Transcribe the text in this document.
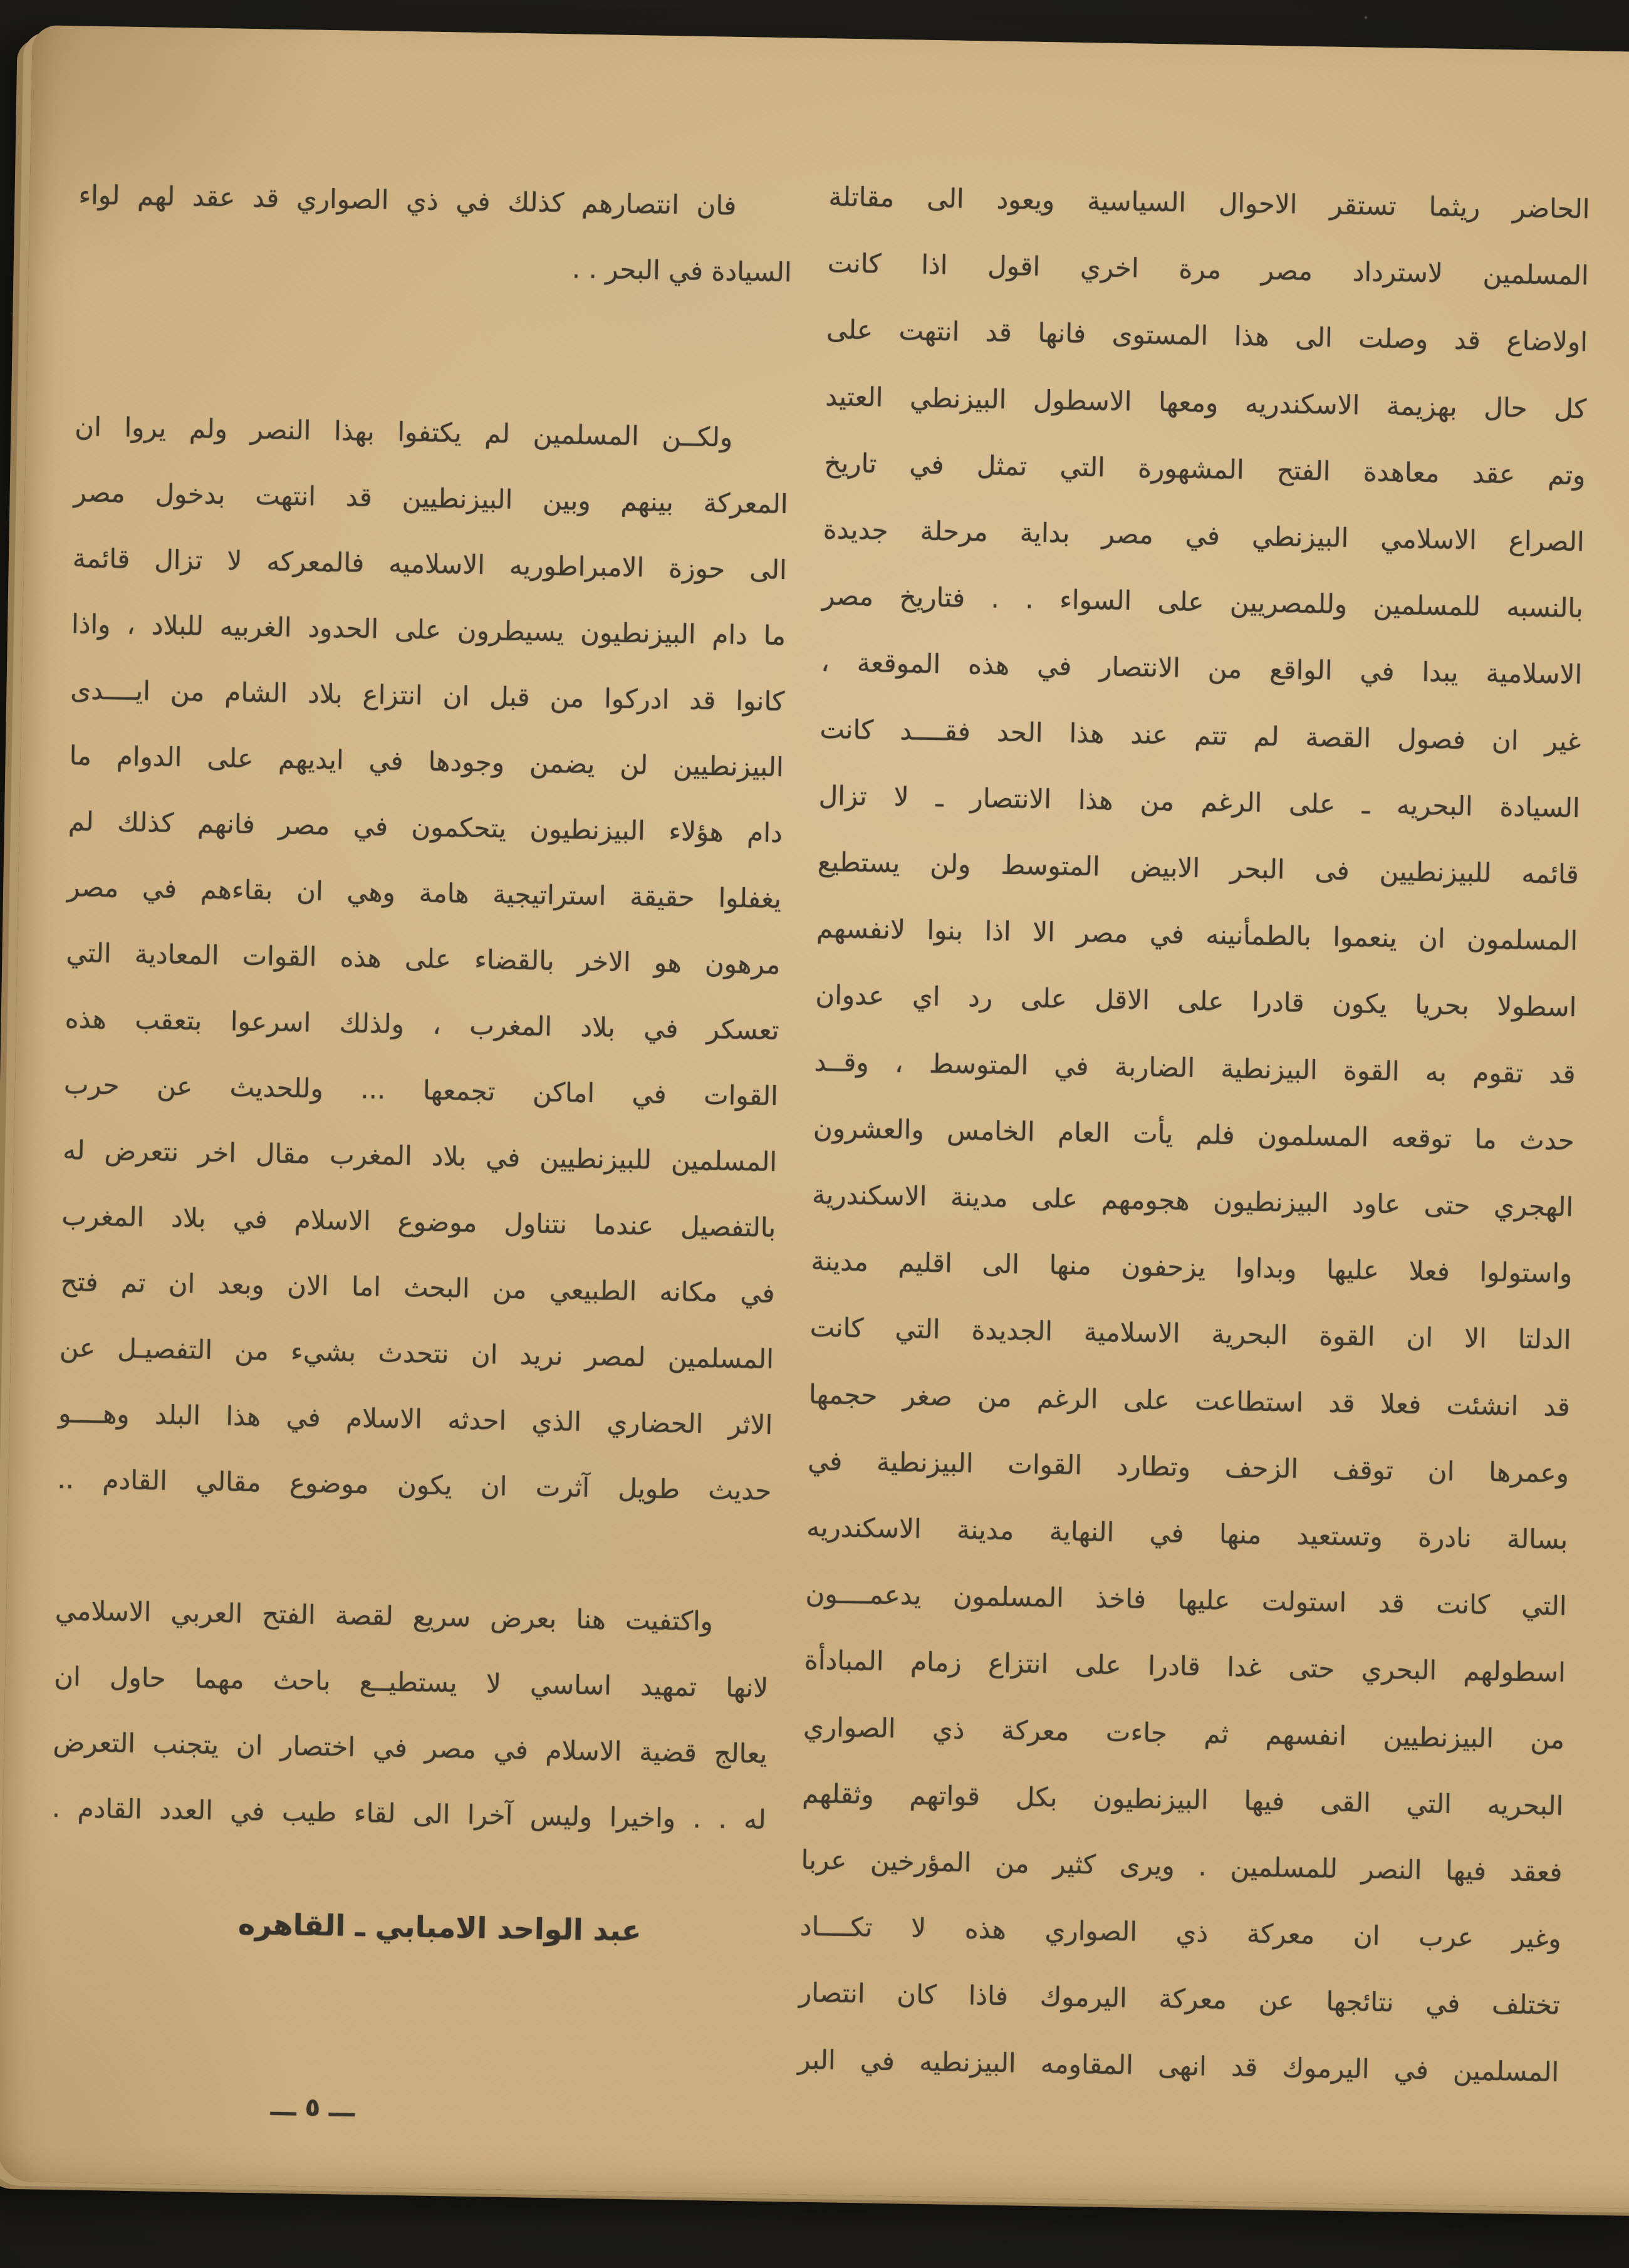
الحاضر ريثما تستقر الاحوال السياسية ويعود الى مقاتلة
المسلمين لاسترداد مصر مرة اخري اقول اذا كانت
اولاضاع قد وصلت الى هذا المستوى فانها قد انتهت على
كل حال بهزيمة الاسكندريه ومعها الاسطول البيزنطي العتيد
وتم عقد معاهدة الفتح المشهورة التي تمثل في تاريخ
الصراع الاسلامي البيزنطي في مصر بداية مرحلة جديدة
بالنسبه للمسلمين وللمصريين على السواء . . فتاريخ مصر
الاسلامية يبدا في الواقع من الانتصار في هذه الموقعة ،
غير ان فصول القصة لم تتم عند هذا الحد فقــــد كانت
السيادة البحريه ـ على الرغم من هذا الانتصار ـ لا تزال
قائمه للبيزنطيين فى البحر الابيض المتوسط ولن يستطيع
المسلمون ان ينعموا بالطمأنينه في مصر الا اذا بنوا لانفسهم
اسطولا بحريا يكون قادرا على الاقل على رد اي عدوان
قد تقوم به القوة البيزنطية الضاربة في المتوسط ، وقــد
حدث ما توقعه المسلمون فلم يأت العام الخامس والعشرون
الهجري حتى عاود البيزنطيون هجومهم على مدينة الاسكندرية
واستولوا فعلا عليها وبداوا يزحفون منها الى اقليم مدينة
الدلتا الا ان القوة البحرية الاسلامية الجديدة التي كانت
قد انشئت فعلا قد استطاعت على الرغم من صغر حجمها
وعمرها ان توقف الزحف وتطارد القوات البيزنطية في
بسالة نادرة وتستعيد منها في النهاية مدينة الاسكندريه
التي كانت قد استولت عليها فاخذ المسلمون يدعمــــون
اسطولهم البحري حتى غدا قادرا على انتزاع زمام المبادأة
من البيزنطيين انفسهم ثم جاءت معركة ذي الصواري
البحريه التي القى فيها البيزنطيون بكل قواتهم وثقلهم
فعقد فيها النصر للمسلمين . ويرى كثير من المؤرخين عربا
وغير عرب ان معركة ذي الصواري هذه لا تكــــاد
تختلف في نتائجها عن معركة اليرموك فاذا كان انتصار
المسلمين في اليرموك قد انهى المقاومه البيزنطيه في البر
فان انتصارهم كذلك في ذي الصواري قد عقد لهم لواء
السيادة في البحر . .
ولكــن المسلمين لم يكتفوا بهذا النصر ولم يروا ان
المعركة بينهم وبين البيزنطيين قد انتهت بدخول مصر
الى حوزة الامبراطوريه الاسلاميه فالمعركه لا تزال قائمة
ما دام البيزنطيون يسيطرون على الحدود الغربيه للبلاد ، واذا
كانوا قد ادركوا من قبل ان انتزاع بلاد الشام من ايــــدى
البيزنطيين لن يضمن وجودها في ايديهم على الدوام ما
دام هؤلاء البيزنطيون يتحكمون في مصر فانهم كذلك لم
يغفلوا حقيقة استراتيجية هامة وهي ان بقاءهم في مصر
مرهون هو الاخر بالقضاء على هذه القوات المعادية التي
تعسكر في بلاد المغرب ، ولذلك اسرعوا بتعقب هذه
القوات في اماكن تجمعها ... وللحديث عن حرب
المسلمين للبيزنطيين في بلاد المغرب مقال اخر نتعرض له
بالتفصيل عندما نتناول موضوع الاسلام في بلاد المغرب
في مكانه الطبيعي من البحث اما الان وبعد ان تم فتح
المسلمين لمصر نريد ان نتحدث بشيء من التفصيـل عن
الاثر الحضاري الذي احدثه الاسلام في هذا البلد وهــــو
حديث طويل آثرت ان يكون موضوع مقالي القادم ..
واكتفيت هنا بعرض سريع لقصة الفتح العربي الاسلامي
لانها تمهيد اساسي لا يستطيــع باحث مهما حاول ان
يعالج قضية الاسلام في مصر في اختصار ان يتجنب التعرض
له . . واخيرا وليس آخرا الى لقاء طيب في العدد القادم .
عبد الواحد الامبابي ـ القاهره
ـــ ٥ ـــ
